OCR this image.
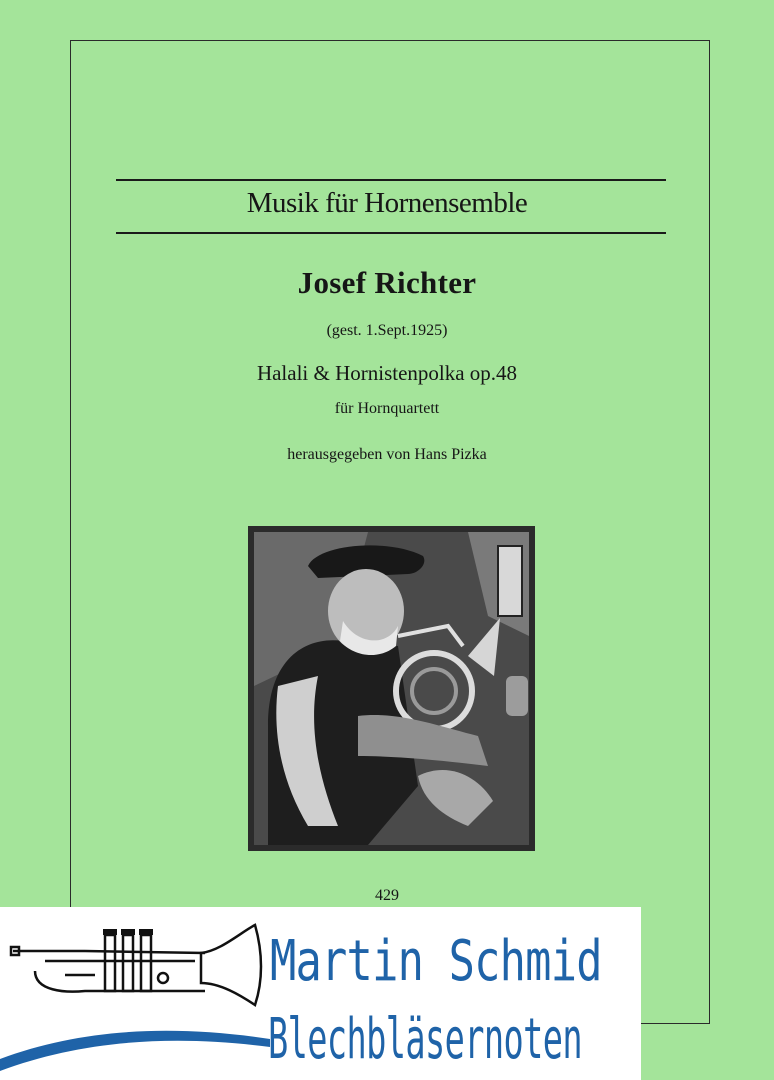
Musik für Hornensemble
Josef Richter
(gest. 1.Sept.1925)
Halali & Hornistenpolka op.48
für Hornquartett
herausgegeben von Hans Pizka
429
Martin Schmid
Blechbläsernoten
